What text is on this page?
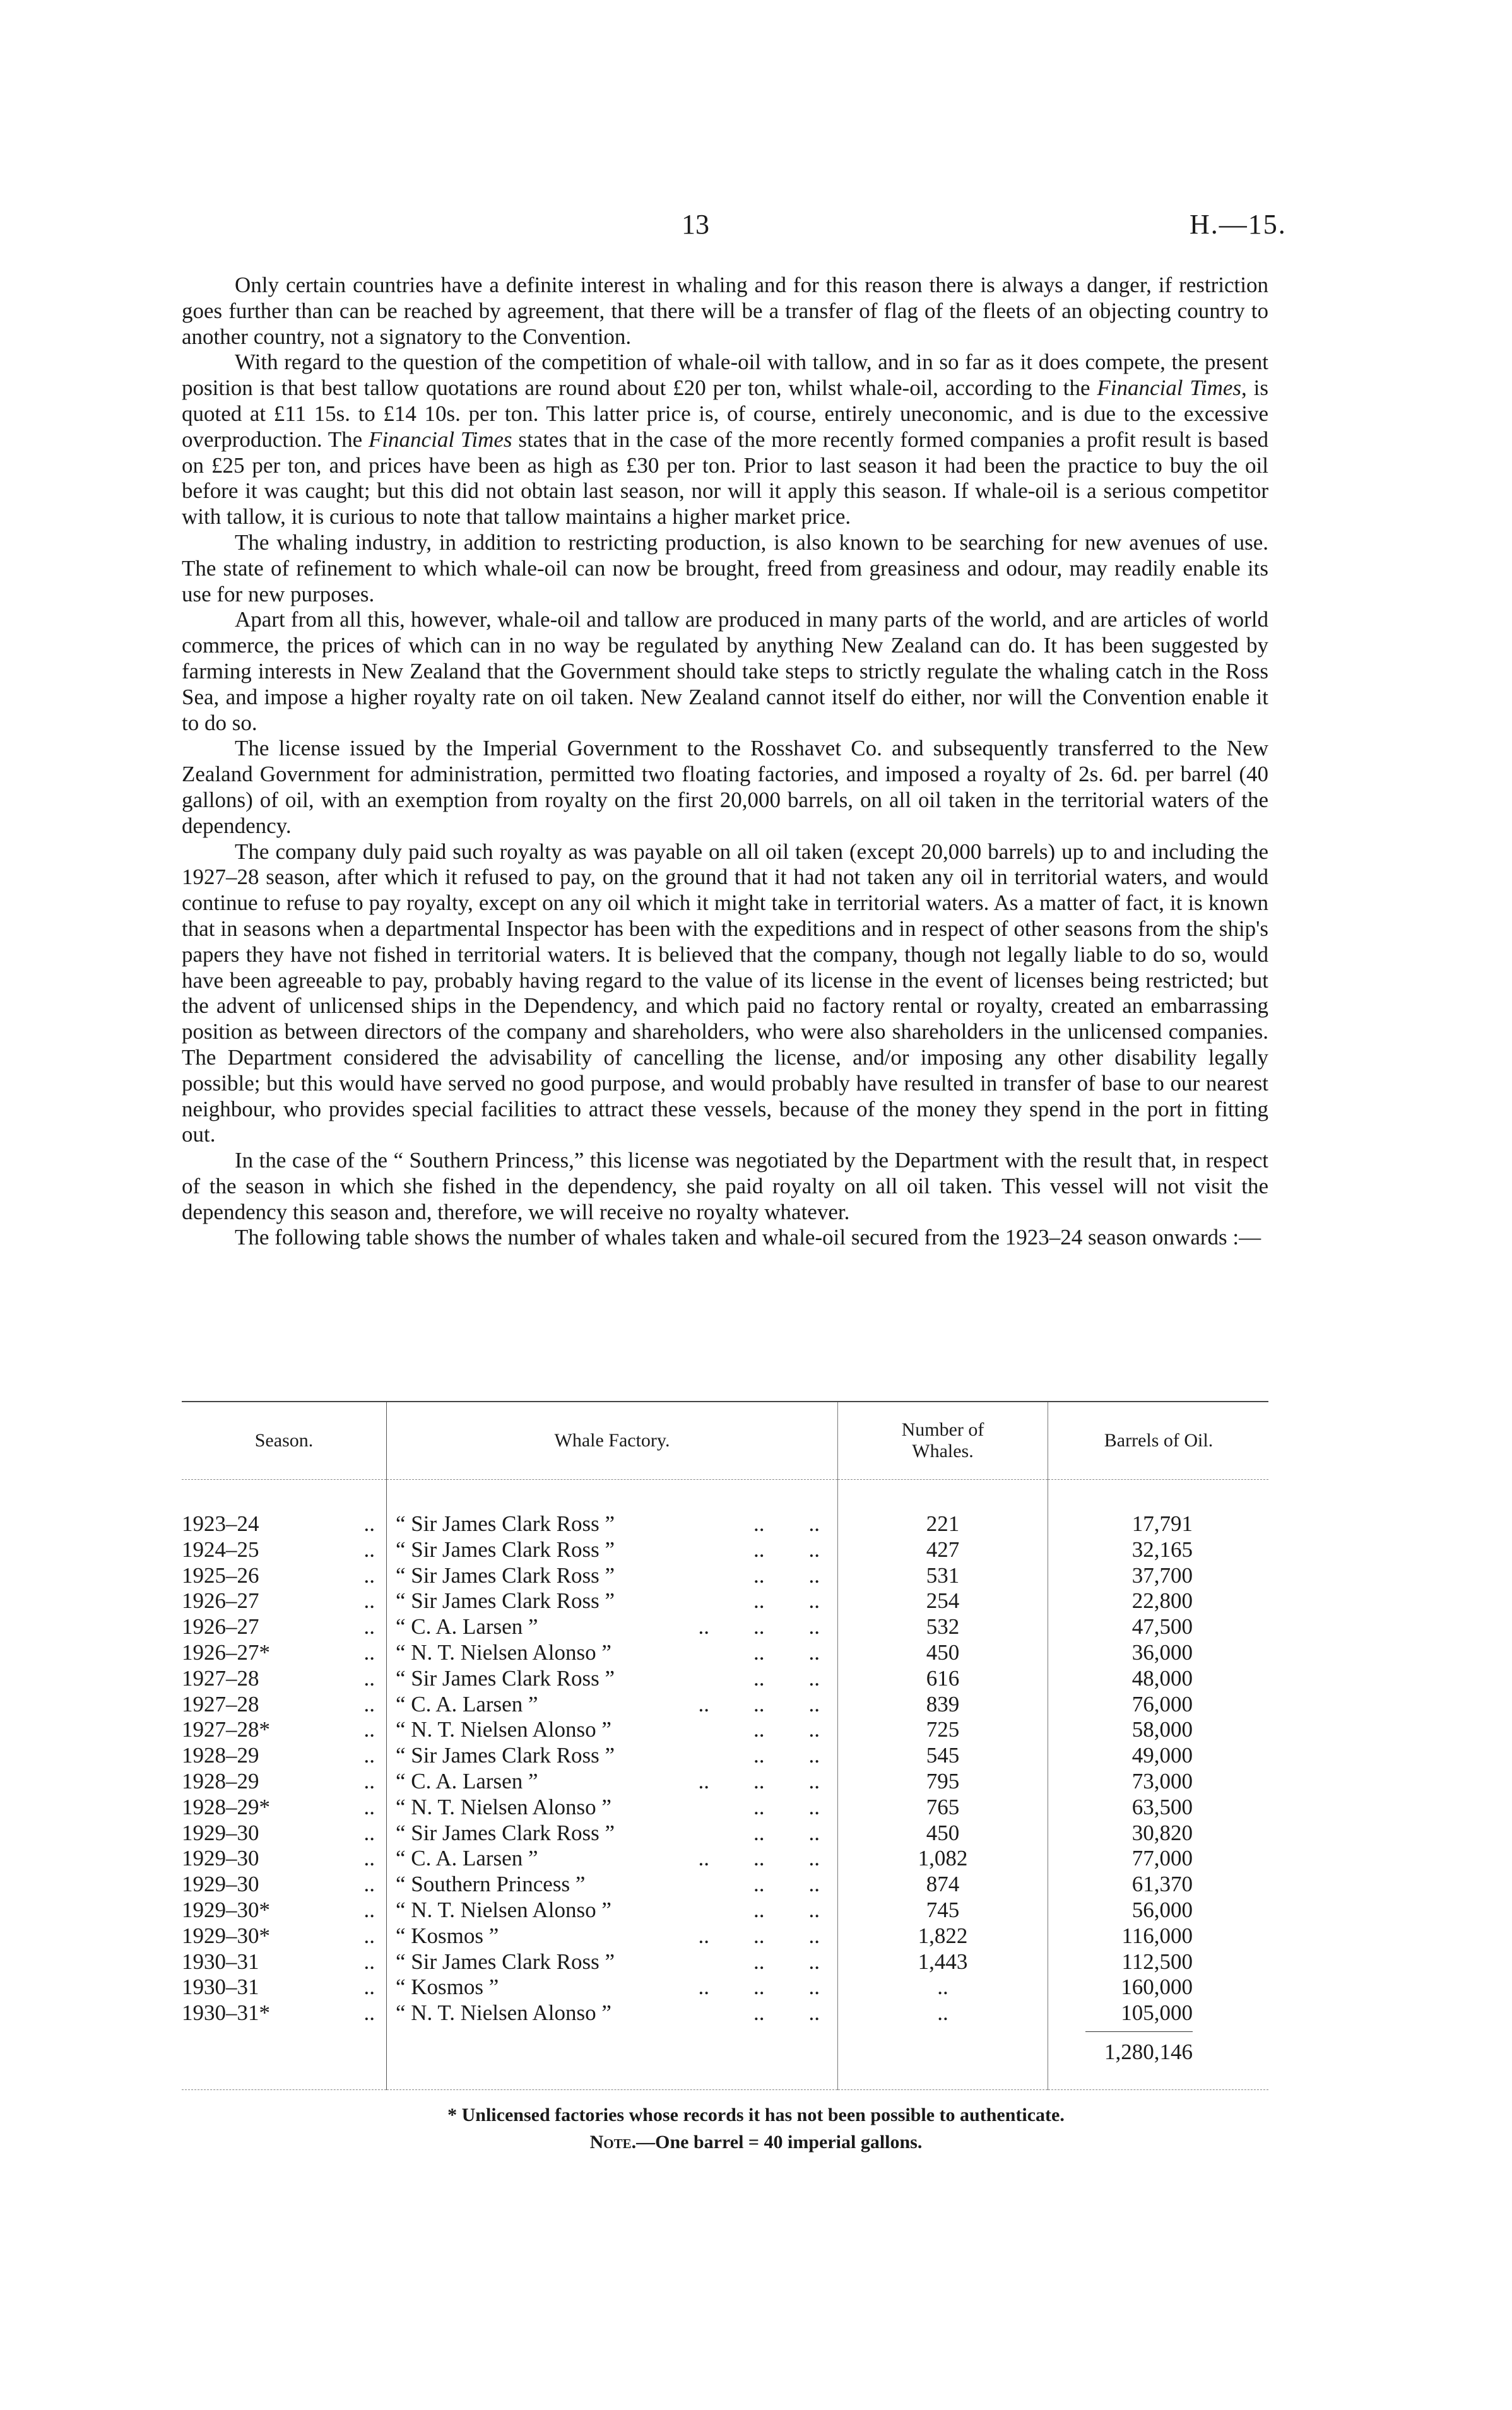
13	H.—15.

Only certain countries have a definite interest in whaling and for this reason there is always a danger, if restriction goes further than can be reached by agreement, that there will be a transfer of flag of the fleets of an objecting country to another country, not a signatory to the Convention.

With regard to the question of the competition of whale-oil with tallow, and in so far as it does compete, the present position is that best tallow quotations are round about £20 per ton, whilst whale-oil, according to the Financial Times, is quoted at £11 15s. to £14 10s. per ton. This latter price is, of course, entirely uneconomic, and is due to the excessive overproduction. The Financial Times states that in the case of the more recently formed companies a profit result is based on £25 per ton, and prices have been as high as £30 per ton. Prior to last season it had been the practice to buy the oil before it was caught; but this did not obtain last season, nor will it apply this season. If whale-oil is a serious competitor with tallow, it is curious to note that tallow maintains a higher market price.

The whaling industry, in addition to restricting production, is also known to be searching for new avenues of use. The state of refinement to which whale-oil can now be brought, freed from greasiness and odour, may readily enable its use for new purposes.

Apart from all this, however, whale-oil and tallow are produced in many parts of the world, and are articles of world commerce, the prices of which can in no way be regulated by anything New Zealand can do. It has been suggested by farming interests in New Zealand that the Government should take steps to strictly regulate the whaling catch in the Ross Sea, and impose a higher royalty rate on oil taken. New Zealand cannot itself do either, nor will the Convention enable it to do so.

The license issued by the Imperial Government to the Rosshavet Co. and subsequently transferred to the New Zealand Government for administration, permitted two floating factories, and imposed a royalty of 2s. 6d. per barrel (40 gallons) of oil, with an exemption from royalty on the first 20,000 barrels, on all oil taken in the territorial waters of the dependency.

The company duly paid such royalty as was payable on all oil taken (except 20,000 barrels) up to and including the 1927–28 season, after which it refused to pay, on the ground that it had not taken any oil in territorial waters, and would continue to refuse to pay royalty, except on any oil which it might take in territorial waters. As a matter of fact, it is known that in seasons when a departmental Inspector has been with the expeditions and in respect of other seasons from the ship's papers they have not fished in territorial waters. It is believed that the company, though not legally liable to do so, would have been agreeable to pay, probably having regard to the value of its license in the event of licenses being restricted; but the advent of unlicensed ships in the Dependency, and which paid no factory rental or royalty, created an embarrassing position as between directors of the company and shareholders, who were also shareholders in the unlicensed companies. The Department considered the advisability of cancelling the license, and/or imposing any other disability legally possible; but this would have served no good purpose, and would probably have resulted in transfer of base to our nearest neighbour, who provides special facilities to attract these vessels, because of the money they spend in the port in fitting out.

In the case of the “ Southern Princess,” this license was negotiated by the Department with the result that, in respect of the season in which she fished in the dependency, she paid royalty on all oil taken. This vessel will not visit the dependency this season and, therefore, we will receive no royalty whatever.

The following table shows the number of whales taken and whale-oil secured from the 1923–24 season onwards :—

Season.	Whale Factory.	Number of Whales.	Barrels of Oil.

1923–24 ..	“ Sir James Clark Ross ” .. ..	221	17,791
1924–25 ..	“ Sir James Clark Ross ” .. ..	427	32,165
1925–26 ..	“ Sir James Clark Ross ” .. ..	531	37,700
1926–27 ..	“ Sir James Clark Ross ” .. ..	254	22,800
1926–27 ..	“ C. A. Larsen ” .. .. ..	532	47,500
1926–27* ..	“ N. T. Nielsen Alonso ” .. ..	450	36,000
1927–28 ..	“ Sir James Clark Ross ” .. ..	616	48,000
1927–28 ..	“ C. A. Larsen ” .. .. ..	839	76,000
1927–28* ..	“ N. T. Nielsen Alonso ” .. ..	725	58,000
1928–29 ..	“ Sir James Clark Ross ” .. ..	545	49,000
1928–29 ..	“ C. A. Larsen ” .. .. ..	795	73,000
1928–29* ..	“ N. T. Nielsen Alonso ” .. ..	765	63,500
1929–30 ..	“ Sir James Clark Ross ” .. ..	450	30,820
1929–30 ..	“ C. A. Larsen ” .. .. ..	1,082	77,000
1929–30 ..	“ Southern Princess ” .. ..	874	61,370
1929–30* ..	“ N. T. Nielsen Alonso ” .. ..	745	56,000
1929–30* ..	“ Kosmos ” .. .. ..	1,822	116,000
1930–31 ..	“ Sir James Clark Ross ” .. ..	1,443	112,500
1930–31 ..	“ Kosmos ” .. .. ..	..	160,000
1930–31* ..	“ N. T. Nielsen Alonso ” .. ..	..	105,000
			1,280,146

* Unlicensed factories whose records it has not been possible to authenticate.
Note.—One barrel = 40 imperial gallons.
